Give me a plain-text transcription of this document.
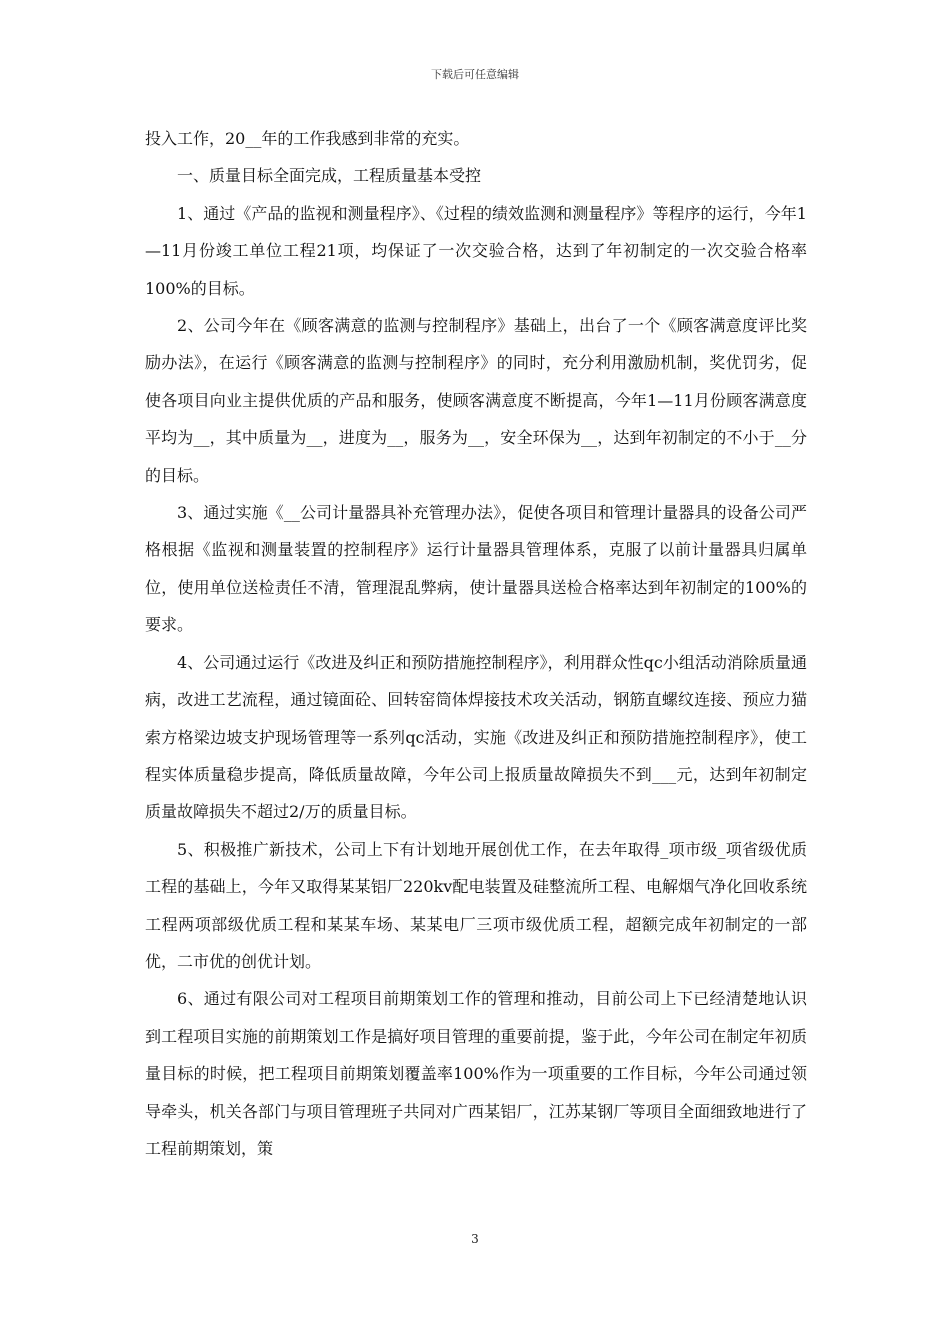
下载后可任意编辑

投入工作，20__年的工作我感到非常的充实。

一、质量目标全面完成，工程质量基本受控

1、通过《产品的监视和测量程序》、《过程的绩效监测和测量程序》等程序的运行，今年1—11月份竣工单位工程21项，均保证了一次交验合格，达到了年初制定的一次交验合格率100%的目标。

2、公司今年在《顾客满意的监测与控制程序》基础上，出台了一个《顾客满意度评比奖励办法》，在运行《顾客满意的监测与控制程序》的同时，充分利用激励机制，奖优罚劣，促使各项目向业主提供优质的产品和服务，使顾客满意度不断提高，今年1—11月份顾客满意度平均为__，其中质量为__，进度为__，服务为__，安全环保为__，达到年初制定的不小于__分的目标。

3、通过实施《__公司计量器具补充管理办法》，促使各项目和管理计量器具的设备公司严格根据《监视和测量装置的控制程序》运行计量器具管理体系，克服了以前计量器具归属单位，使用单位送检责任不清，管理混乱弊病，使计量器具送检合格率达到年初制定的100%的要求。

4、公司通过运行《改进及纠正和预防措施控制程序》，利用群众性qc小组活动消除质量通病，改进工艺流程，通过镜面砼、回转窑筒体焊接技术攻关活动，钢筋直螺纹连接、预应力猫索方格梁边坡支护现场管理等一系列qc活动，实施《改进及纠正和预防措施控制程序》，使工程实体质量稳步提高，降低质量故障，今年公司上报质量故障损失不到___元，达到年初制定质量故障损失不超过2/万的质量目标。

5、积极推广新技术，公司上下有计划地开展创优工作，在去年取得_项市级_项省级优质工程的基础上，今年又取得某某铝厂220kv配电装置及硅整流所工程、电解烟气净化回收系统工程两项部级优质工程和某某车场、某某电厂三项市级优质工程，超额完成年初制定的一部优，二市优的创优计划。

6、通过有限公司对工程项目前期策划工作的管理和推动，目前公司上下已经清楚地认识到工程项目实施的前期策划工作是搞好项目管理的重要前提，鉴于此，今年公司在制定年初质量目标的时候，把工程项目前期策划覆盖率100%作为一项重要的工作目标，今年公司通过领导牵头，机关各部门与项目管理班子共同对广西某铝厂，江苏某钢厂等项目全面细致地进行了工程前期策划，策

3
